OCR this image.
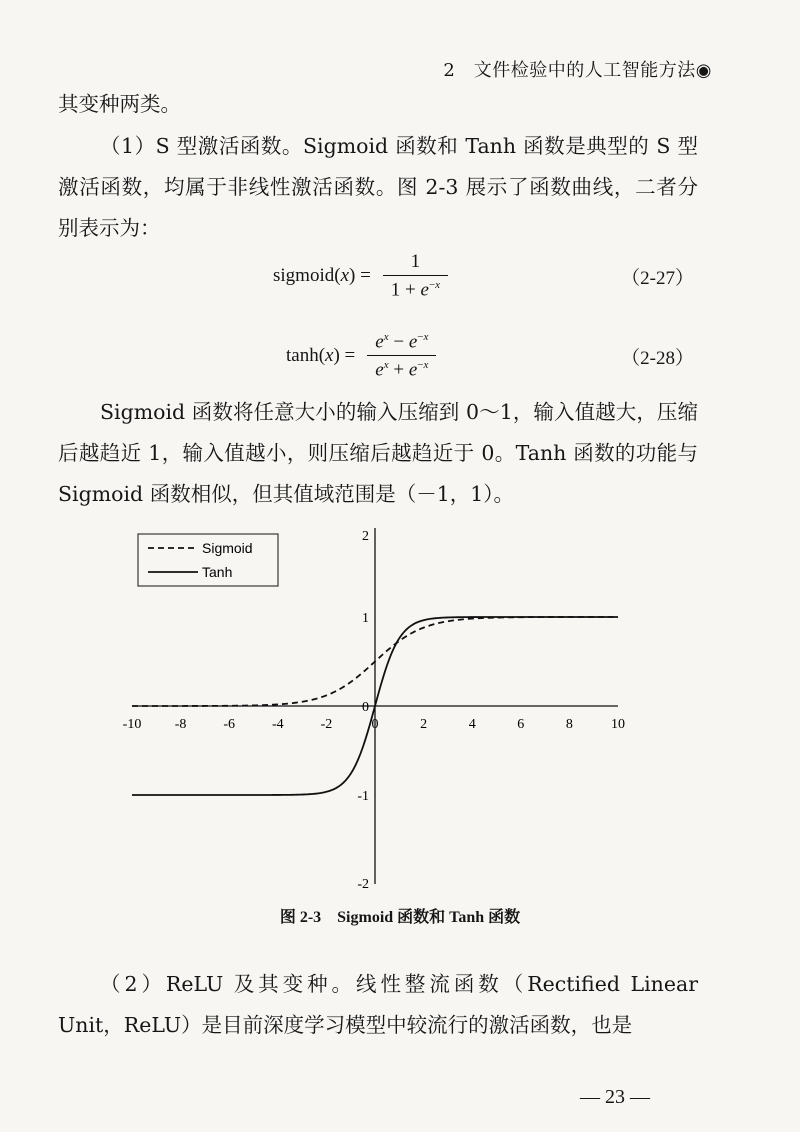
2　文件检验中的人工智能方法◉

其变种两类。

（1）S 型激活函数。Sigmoid 函数和 Tanh 函数是典型的 S 型激活函数，均属于非线性激活函数。图 2-3 展示了函数曲线，二者分别表示为：

sigmoid(x) = $\frac{1}{1 + e^{-x}}$	（2-27）
$\tanh(x) = \frac{e^x - e^{-x}}{e^x + e^{-x}}$	（2-28）

Sigmoid 函数将任意大小的输入压缩到 0～1，输入值越大，压缩后越趋近 1，输入值越小，则压缩后越趋近于 0。Tanh 函数的功能与 Sigmoid 函数相似，但其值域范围是（－1，1）。

-10 -8	-6	-4	-2	0	2	4	6	8	10
-2
-1
0
1
2
Sigmoid
Tanh
图 2-3　Sigmoid 函数和 Tanh 函数

（2）ReLU 及其变种。线性整流函数（Rectified Linear Unit，ReLU）是目前深度学习模型中较流行的激活函数，也是

— 23 —
